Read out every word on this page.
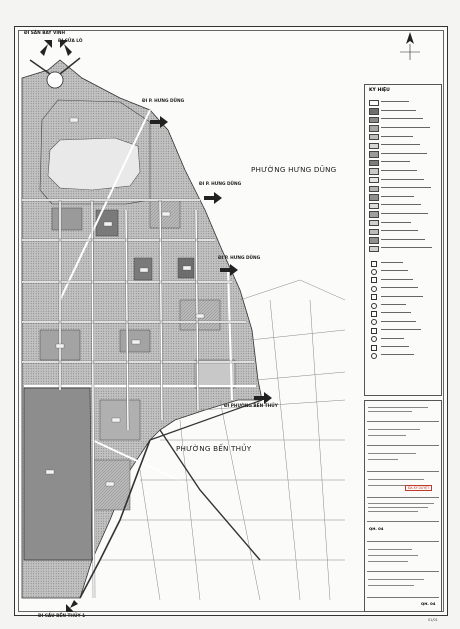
PHƯỜNG HƯNG DŨNG
PHƯỜNG BẾN THỦY
ĐI SÂN BAY VINH
ĐI CỬA LÒ
ĐI P. HƯNG DŨNG
ĐI P. HƯNG DŨNG
ĐI P. HƯNG DŨNG
ĐI PHƯỜNG BẾN THỦY
ĐI CẦU BẾN THỦY 1
KÝ HIỆU
ĐÃ KÝ DUYỆT
QH. 04
QH. 04
01/01
